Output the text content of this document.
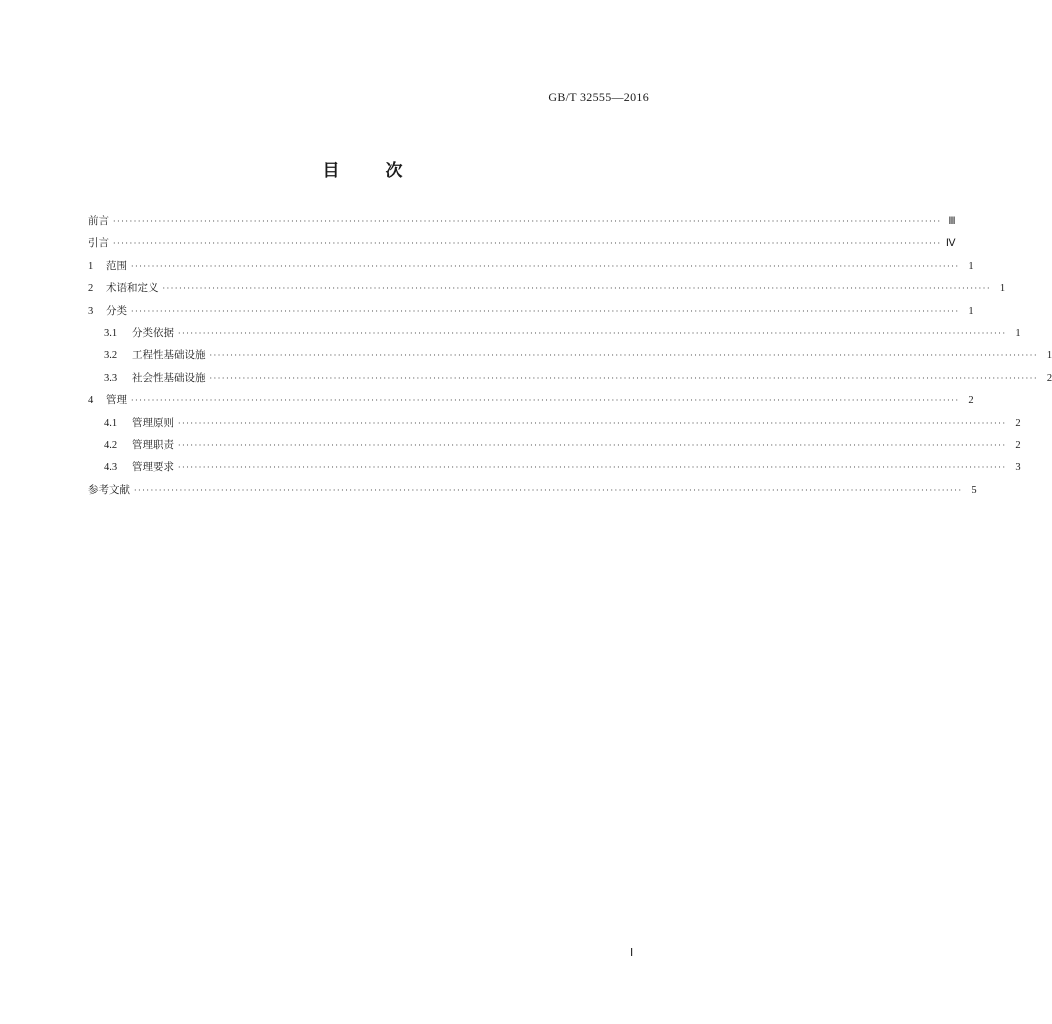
GB/T 32555—2016
目	次
前言 ········································································································································································································ Ⅲ
引言 ········································································································································································································ Ⅳ
1	范围 ········································································································································································································ 1
2	术语和定义 ········································································································································································································ 1
3	分类 ········································································································································································································ 1
3.1	分类依据 ········································································································································································································ 1
3.2	工程性基础设施 ········································································································································································································ 1
3.3	社会性基础设施 ········································································································································································································ 2
4	管理 ········································································································································································································ 2
4.1	管理原则 ········································································································································································································ 2
4.2	管理职责 ········································································································································································································ 2
4.3	管理要求 ········································································································································································································ 3
参考文献 ········································································································································································································ 5
Ⅰ
